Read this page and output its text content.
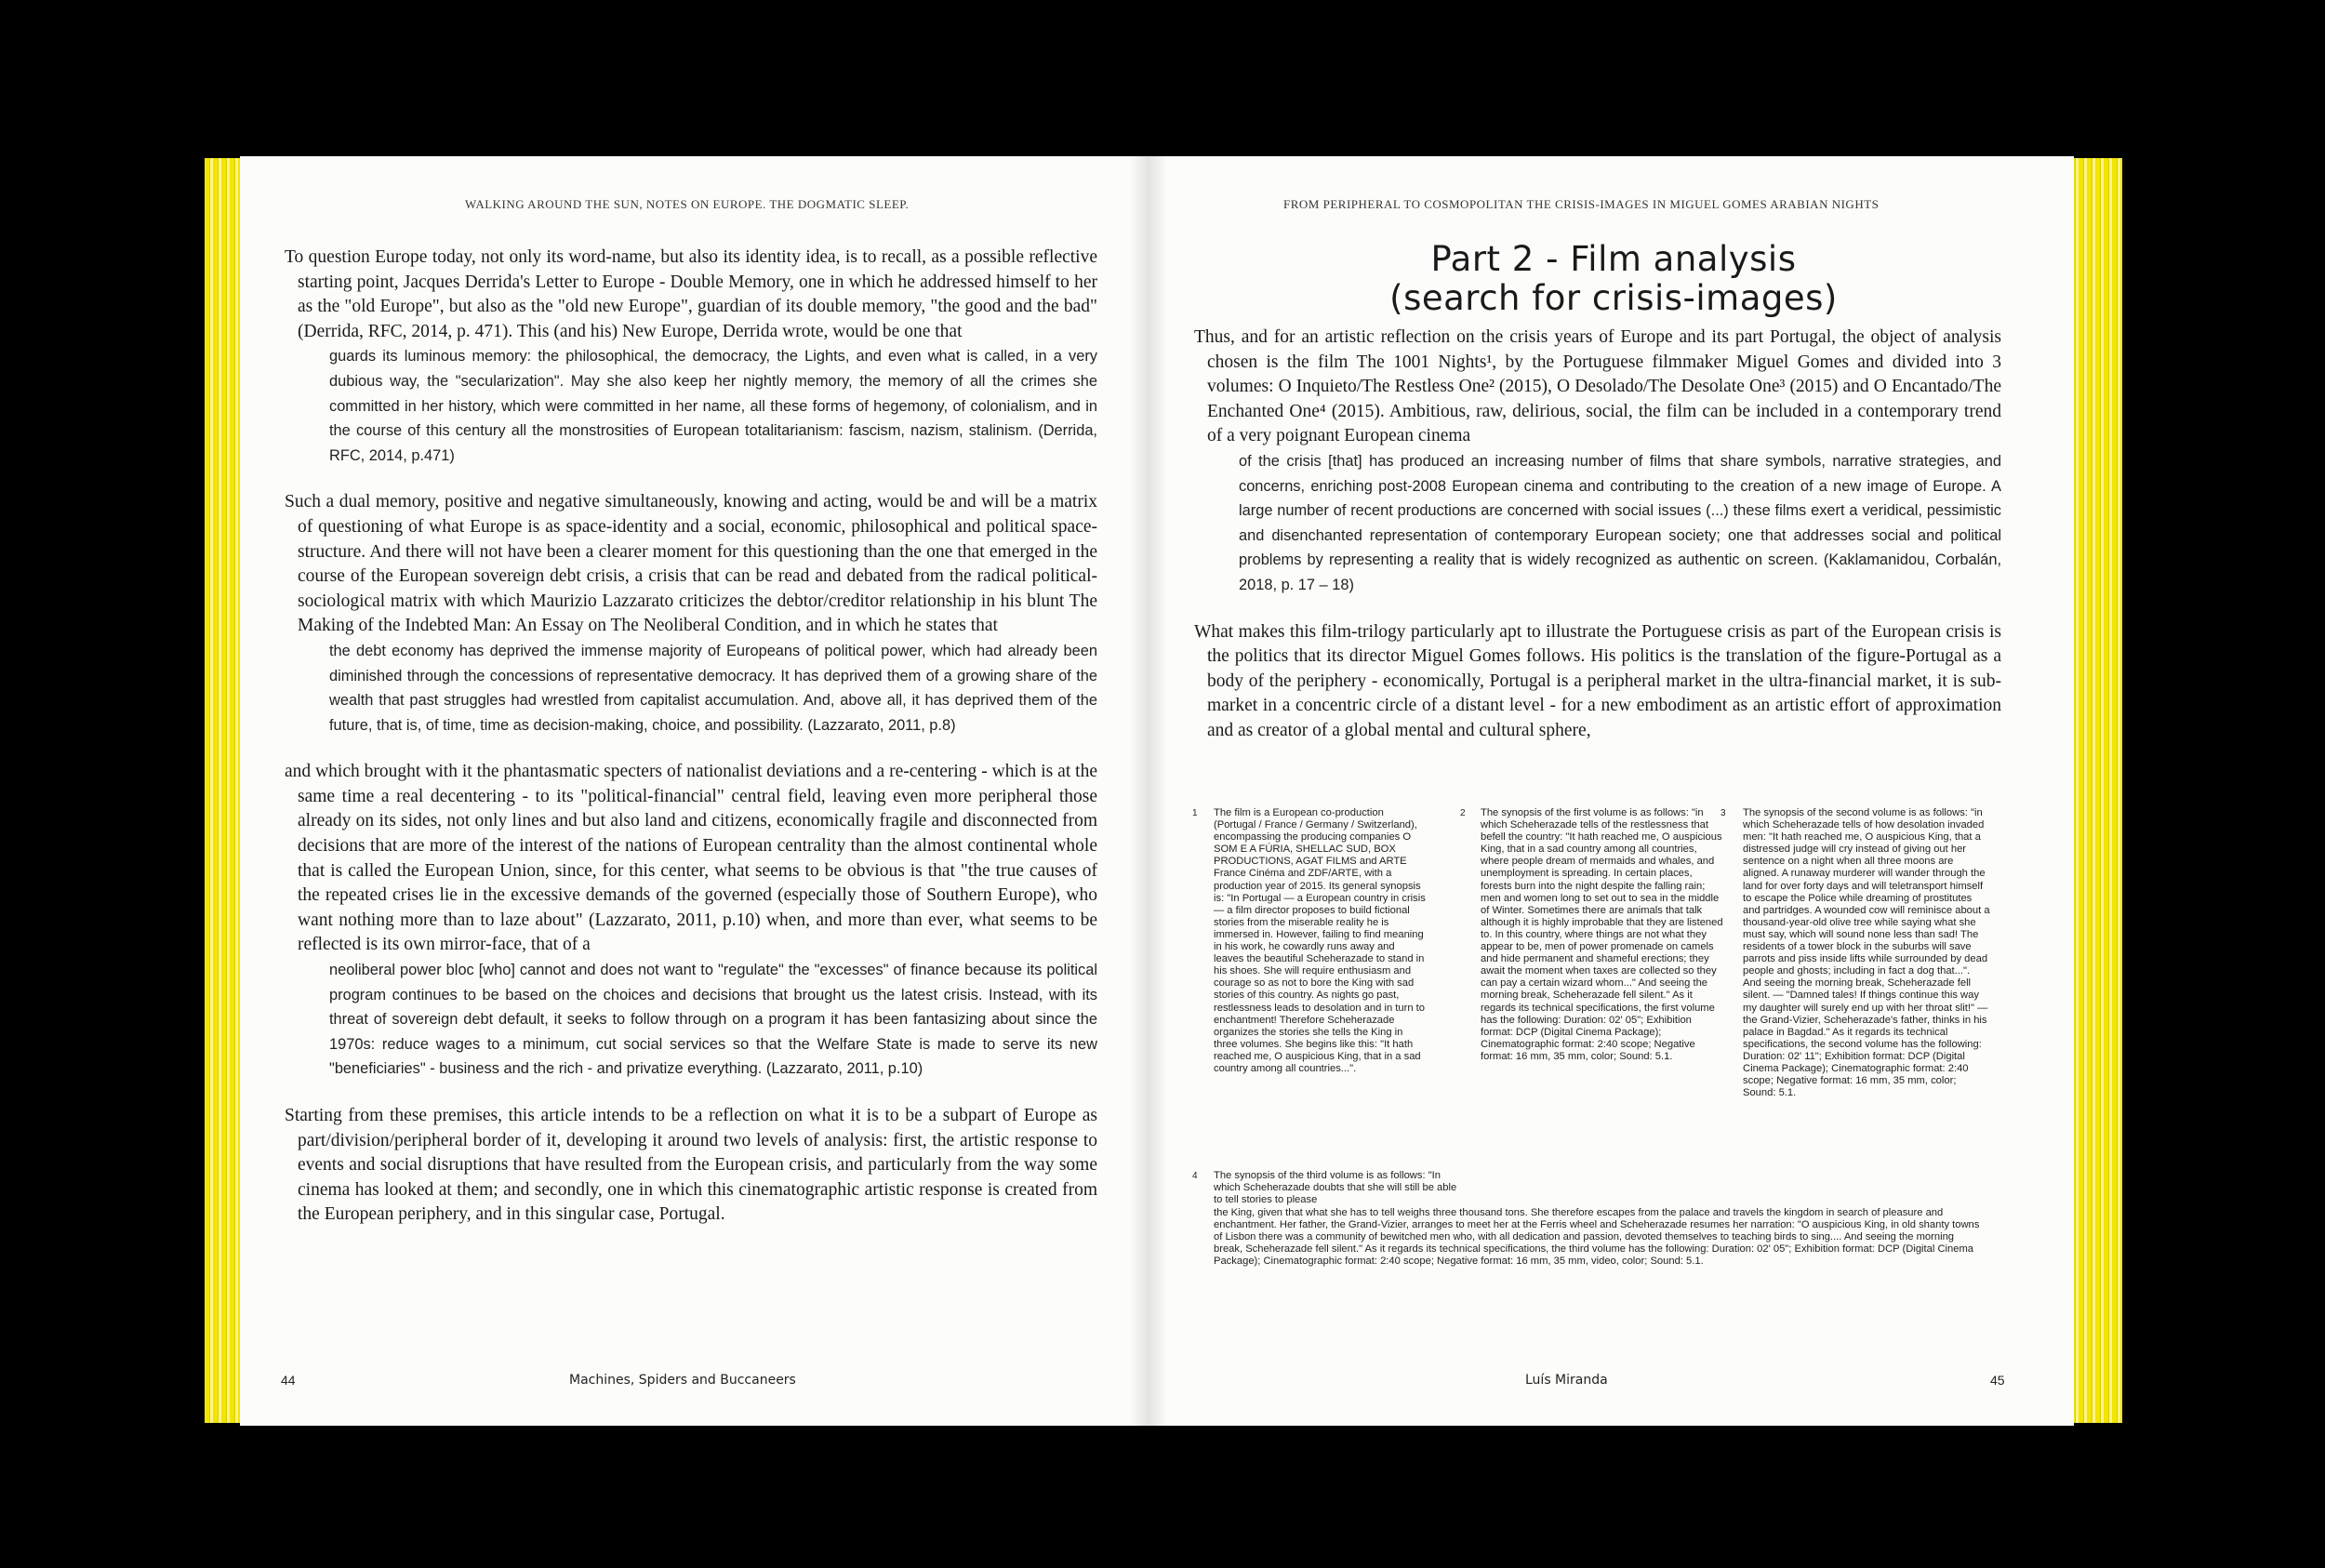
WALKING AROUND THE SUN, NOTES ON EUROPE. THE DOGMATIC SLEEP.
To question Europe today, not only its word-name, but also its identity idea, is to recall, as a possible reflective starting point, Jacques Derrida's Letter to Europe - Double Memory, one in which he addressed himself to her as the "old Europe", but also as the "old new Europe", guardian of its double memory, "the good and the bad" (Derrida, RFC, 2014, p. 471). This (and his) New Europe, Derrida wrote, would be one that
guards its luminous memory: the philosophical, the democracy, the Lights, and even what is called, in a very dubious way, the "secularization". May she also keep her nightly memory, the memory of all the crimes she committed in her history, which were committed in her name, all these forms of hegemony, of colonialism, and in the course of this century all the monstrosities of European totalitarianism: fascism, nazism, stalinism. (Derrida, RFC, 2014, p.471)
Such a dual memory, positive and negative simultaneously, knowing and acting, would be and will be a matrix of questioning of what Europe is as space-identity and a social, economic, philosophical and political space-structure. And there will not have been a clearer moment for this questioning than the one that emerged in the course of the European sovereign debt crisis, a crisis that can be read and debated from the radical political-sociological matrix with which Maurizio Lazzarato criticizes the debtor/creditor relationship in his blunt The Making of the Indebted Man: An Essay on The Neoliberal Condition, and in which he states that
the debt economy has deprived the immense majority of Europeans of political power, which had already been diminished through the concessions of representative democracy. It has deprived them of a growing share of the wealth that past struggles had wrestled from capitalist accumulation. And, above all, it has deprived them of the future, that is, of time, time as decision-making, choice, and possibility. (Lazzarato, 2011, p.8)
and which brought with it the phantasmatic specters of nationalist deviations and a re-centering - which is at the same time a real decentering - to its "political-financial" central field, leaving even more peripheral those already on its sides, not only lines and but also land and citizens, economically fragile and disconnected from decisions that are more of the interest of the nations of European centrality than the almost continental whole that is called the European Union, since, for this center, what seems to be obvious is that "the true causes of the repeated crises lie in the excessive demands of the governed (especially those of Southern Europe), who want nothing more than to laze about" (Lazzarato, 2011, p.10) when, and more than ever, what seems to be reflected is its own mirror-face, that of a
neoliberal power bloc [who] cannot and does not want to "regulate" the "excesses" of finance because its political program continues to be based on the choices and decisions that brought us the latest crisis. Instead, with its threat of sovereign debt default, it seeks to follow through on a program it has been fantasizing about since the 1970s: reduce wages to a minimum, cut social services so that the Welfare State is made to serve its new "beneficiaries" - business and the rich - and privatize everything. (Lazzarato, 2011, p.10)
Starting from these premises, this article intends to be a reflection on what it is to be a subpart of Europe as part/division/peripheral border of it, developing it around two levels of analysis: first, the artistic response to events and social disruptions that have resulted from the European crisis, and particularly from the way some cinema has looked at them; and secondly, one in which this cinematographic artistic response is created from the European periphery, and in this singular case, Portugal.
44	Machines, Spiders and Buccaneers
FROM PERIPHERAL TO COSMOPOLITAN THE CRISIS-IMAGES IN MIGUEL GOMES ARABIAN NIGHTS
Part 2 - Film analysis
(search for crisis-images)
Thus, and for an artistic reflection on the crisis years of Europe and its part Portugal, the object of analysis chosen is the film The 1001 Nights¹, by the Portuguese filmmaker Miguel Gomes and divided into 3 volumes: O Inquieto/The Restless One² (2015), O Desolado/The Desolate One³ (2015) and O Encantado/The Enchanted One⁴ (2015). Ambitious, raw, delirious, social, the film can be included in a contemporary trend of a very poignant European cinema
of the crisis [that] has produced an increasing number of films that share symbols, narrative strategies, and concerns, enriching post-2008 European cinema and contributing to the creation of a new image of Europe. A large number of recent productions are concerned with social issues (...) these films exert a veridical, pessimistic and disenchanted representation of contemporary European society; one that addresses social and political problems by representing a reality that is widely recognized as authentic on screen. (Kaklamanidou, Corbalán, 2018, p. 17 – 18)
What makes this film-trilogy particularly apt to illustrate the Portuguese crisis as part of the European crisis is the politics that its director Miguel Gomes follows. His politics is the translation of the figure-Portugal as a body of the periphery - economically, Portugal is a peripheral market in the ultra-financial market, it is sub-market in a concentric circle of a distant level - for a new embodiment as an artistic effort of approximation and as creator of a global mental and cultural sphere,
1 The film is a European co-production (Portugal / France / Germany / Switzerland), encompassing the producing companies O SOM E A FÚRIA, SHELLAC SUD, BOX PRODUCTIONS, AGAT FILMS and ARTE France Cinéma and ZDF/ARTE, with a production year of 2015. Its general synopsis is: "In Portugal — a European country in crisis — a film director proposes to build fictional stories from the miserable reality he is immersed in. However, failing to find meaning in his work, he cowardly runs away and leaves the beautiful Scheherazade to stand in his shoes. She will require enthusiasm and courage so as not to bore the King with sad stories of this country. As nights go past, restlessness leads to desolation and in turn to enchantment! Therefore Scheherazade organizes the stories she tells the King in three volumes. She begins like this: "It hath reached me, O auspicious King, that in a sad country among all countries...".
2 The synopsis of the first volume is as follows: "in which Scheherazade tells of the restlessness that befell the country: "It hath reached me, O auspicious King, that in a sad country among all countries, where people dream of mermaids and whales, and unemployment is spreading. In certain places, forests burn into the night despite the falling rain; men and women long to set out to sea in the middle of Winter. Sometimes there are animals that talk although it is highly improbable that they are listened to. In this country, where things are not what they appear to be, men of power promenade on camels and hide permanent and shameful erections; they await the moment when taxes are collected so they can pay a certain wizard whom..." And seeing the morning break, Scheherazade fell silent." As it regards its technical specifications, the first volume has the following: Duration: 02' 05"; Exhibition format: DCP (Digital Cinema Package); Cinematographic format: 2:40 scope; Negative format: 16 mm, 35 mm, color; Sound: 5.1.
3 The synopsis of the second volume is as follows: "in which Scheherazade tells of how desolation invaded men: "It hath reached me, O auspicious King, that a distressed judge will cry instead of giving out her sentence on a night when all three moons are aligned. A runaway murderer will wander through the land for over forty days and will teletransport himself to escape the Police while dreaming of prostitutes and partridges. A wounded cow will reminisce about a thousand-year-old olive tree while saying what she must say, which will sound none less than sad! The residents of a tower block in the suburbs will save parrots and piss inside lifts while surrounded by dead people and ghosts; including in fact a dog that...". And seeing the morning break, Scheherazade fell silent. — "Damned tales! If things continue this way my daughter will surely end up with her throat slit!" — the Grand-Vizier, Scheherazade's father, thinks in his palace in Bagdad." As it regards its technical specifications, the second volume has the following: Duration: 02' 11"; Exhibition format: DCP (Digital Cinema Package); Cinematographic format: 2:40 scope; Negative format: 16 mm, 35 mm, color; Sound: 5.1.
4 The synopsis of the third volume is as follows: "In which Scheherazade doubts that she will still be able to tell stories to please
the King, given that what she has to tell weighs three thousand tons. She therefore escapes from the palace and travels the kingdom in search of pleasure and enchantment. Her father, the Grand-Vizier, arranges to meet her at the Ferris wheel and Scheherazade resumes her narration: "O auspicious King, in old shanty towns of Lisbon there was a community of bewitched men who, with all dedication and passion, devoted themselves to teaching birds to sing.... And seeing the morning break, Scheherazade fell silent." As it regards its technical specifications, the third volume has the following: Duration: 02' 05"; Exhibition format: DCP (Digital Cinema Package); Cinematographic format: 2:40 scope; Negative format: 16 mm, 35 mm, video, color; Sound: 5.1.
Luís Miranda	45
